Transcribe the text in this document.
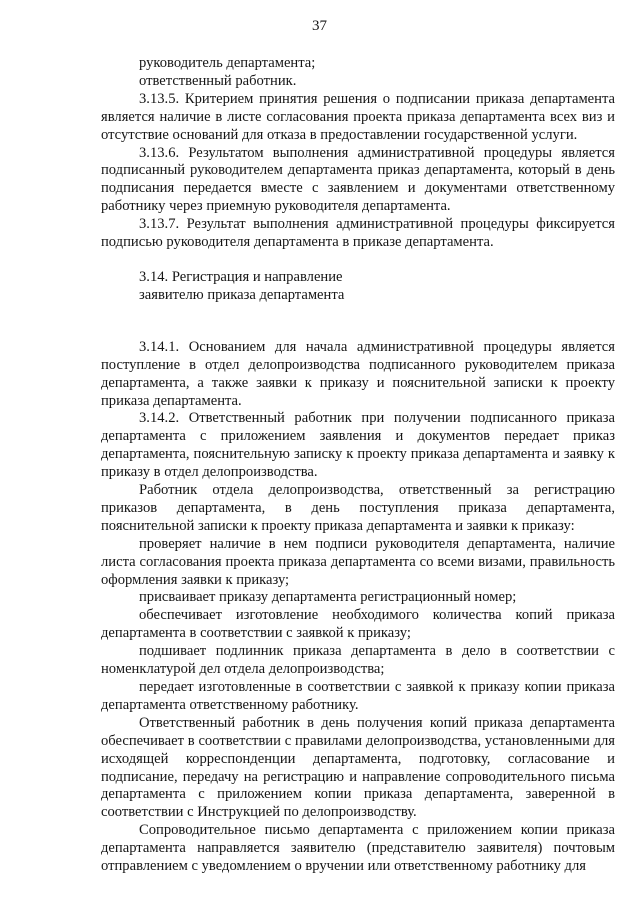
37

руководитель департамента;

ответственный работник.

3.13.5. Критерием принятия решения о подписании приказа департамента является наличие в листе согласования проекта приказа департамента всех виз и отсутствие оснований для отказа в предоставлении государственной услуги.

3.13.6. Результатом выполнения административной процедуры является подписанный руководителем департамента приказ департамента, который в день подписания передается вместе с заявлением и документами ответственному работнику через приемную руководителя департамента.

3.13.7. Результат выполнения административной процедуры фиксируется подписью руководителя департамента в приказе департамента.

3.14. Регистрация и направление

заявителю приказа департамента

3.14.1. Основанием для начала административной процедуры является поступление в отдел делопроизводства подписанного руководителем приказа департамента, а также заявки к приказу и пояснительной записки к проекту приказа департамента.

3.14.2. Ответственный работник при получении подписанного приказа департамента с приложением заявления и документов передает приказ департамента, пояснительную записку к проекту приказа департамента и заявку к приказу в отдел делопроизводства.

Работник отдела делопроизводства, ответственный за регистрацию приказов департамента, в день поступления приказа департамента, пояснительной записки к проекту приказа департамента и заявки к приказу:

проверяет наличие в нем подписи руководителя департамента, наличие листа согласования проекта приказа департамента со всеми визами, правильность оформления заявки к приказу;

присваивает приказу департамента регистрационный номер;

обеспечивает изготовление необходимого количества копий приказа департамента в соответствии с заявкой к приказу;

подшивает подлинник приказа департамента в дело в соответствии с номенклатурой дел отдела делопроизводства;

передает изготовленные в соответствии с заявкой к приказу копии приказа департамента ответственному работнику.

Ответственный работник в день получения копий приказа департамента обеспечивает в соответствии с правилами делопроизводства, установленными для исходящей корреспонденции департамента, подготовку, согласование и подписание, передачу на регистрацию и направление сопроводительного письма департамента с приложением копии приказа департамента, заверенной в соответствии с Инструкцией по делопроизводству.

Сопроводительное письмо департамента с приложением копии приказа департамента направляется заявителю (представителю заявителя) почтовым отправлением с уведомлением о вручении или ответственному работнику для
